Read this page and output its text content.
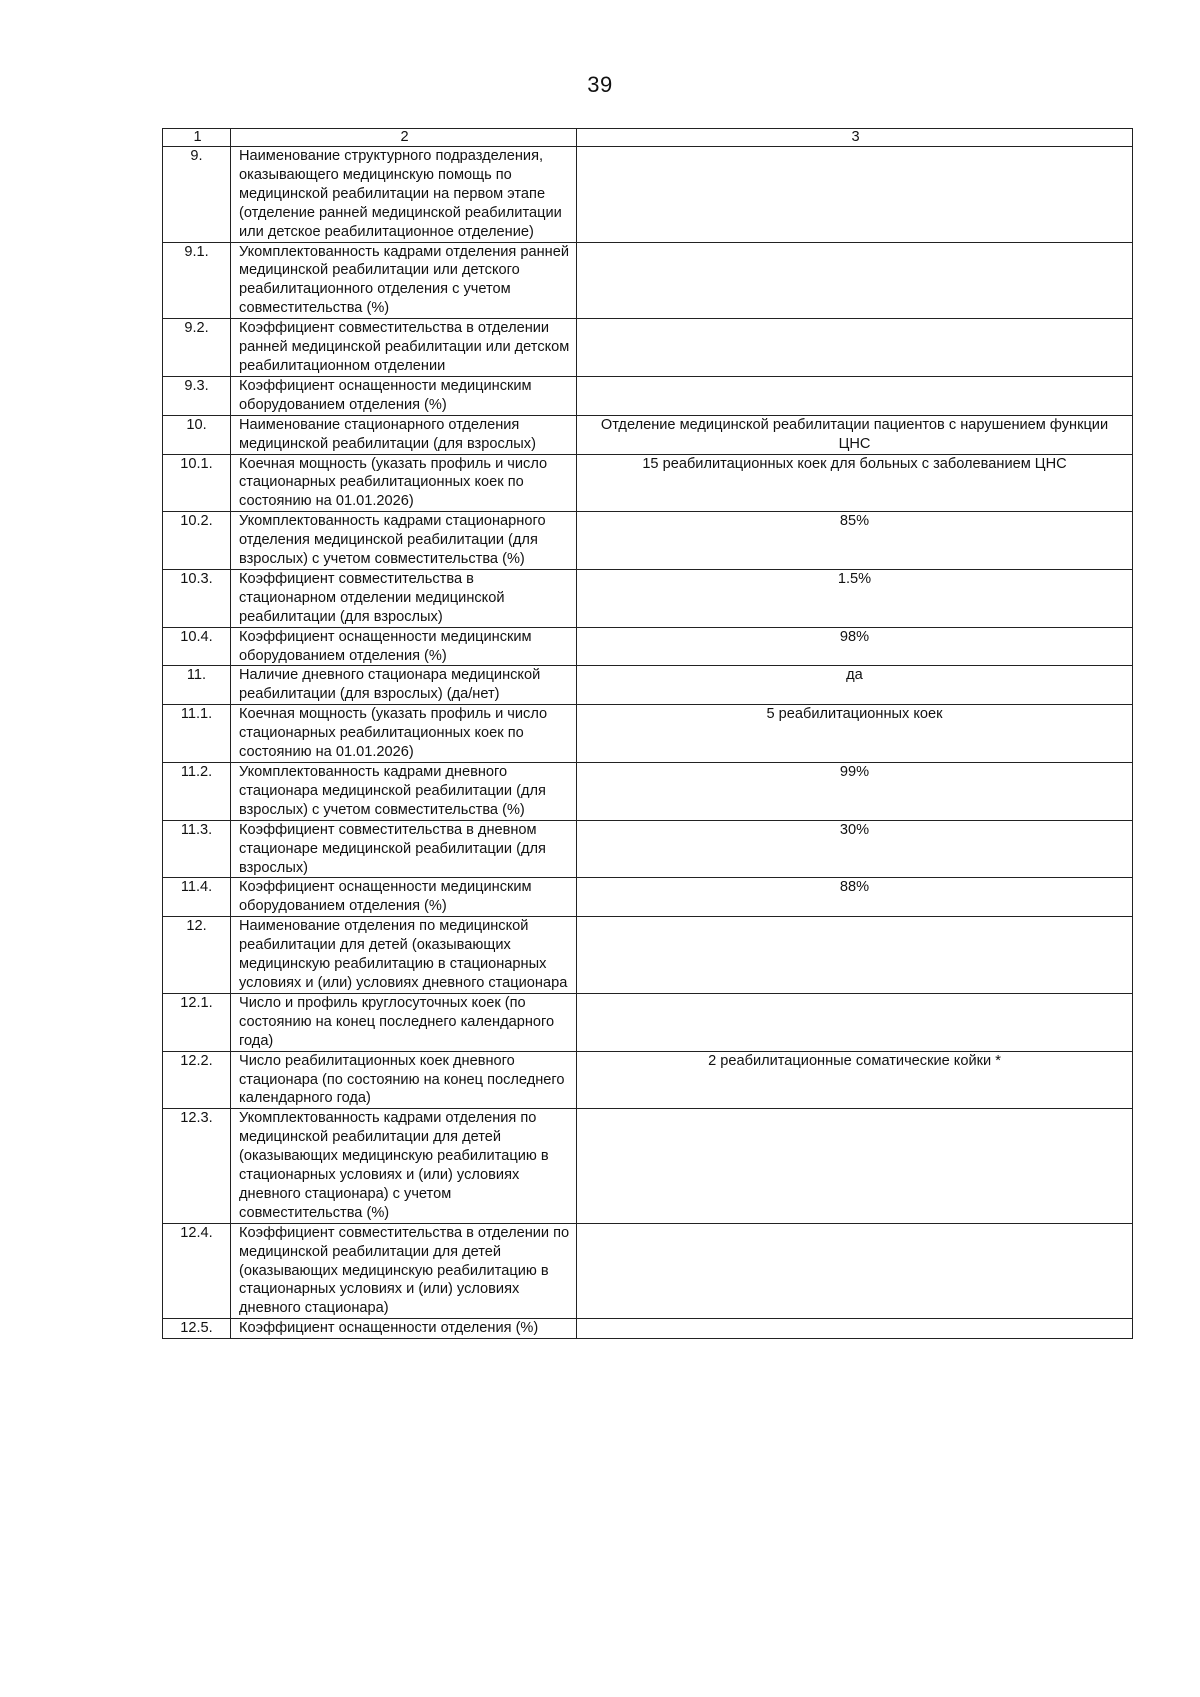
39
1	2	3
9.	Наименование структурного подразделения, оказывающего медицинскую помощь по медицинской реабилитации на первом этапе (отделение ранней медицинской реабилитации или детское реабилитационное отделение)	
9.1.	Укомплектованность кадрами отделения ранней медицинской реабилитации или детского реабилитационного отделения с учетом совместительства (%)	
9.2.	Коэффициент совместительства в отделении ранней медицинской реабилитации или детском реабилитационном отделении	
9.3.	Коэффициент оснащенности медицинским оборудованием отделения (%)	
10.	Наименование стационарного отделения медицинской реабилитации (для взрослых)	Отделение медицинской реабилитации пациентов с нарушением функции ЦНС
10.1.	Коечная мощность (указать профиль и число стационарных реабилитационных коек по состоянию на 01.01.2026)	15 реабилитационных коек для больных с заболеванием ЦНС
10.2.	Укомплектованность кадрами стационарного отделения медицинской реабилитации (для взрослых) с учетом совместительства (%)	85%
10.3.	Коэффициент совместительства в стационарном отделении медицинской реабилитации (для взрослых)	1.5%
10.4.	Коэффициент оснащенности медицинским оборудованием отделения (%)	98%
11.	Наличие дневного стационара медицинской реабилитации (для взрослых) (да/нет)	да
11.1.	Коечная мощность (указать профиль и число стационарных реабилитационных коек по состоянию на 01.01.2026)	5 реабилитационных коек
11.2.	Укомплектованность кадрами дневного стационара медицинской реабилитации (для взрослых) с учетом совместительства (%)	99%
11.3.	Коэффициент совместительства в дневном стационаре медицинской реабилитации (для взрослых)	30%
11.4.	Коэффициент оснащенности медицинским оборудованием отделения (%)	88%
12.	Наименование отделения по медицинской реабилитации для детей (оказывающих медицинскую реабилитацию в стационарных условиях и (или) условиях дневного стационара	
12.1.	Число и профиль круглосуточных коек (по состоянию на конец последнего календарного года)	
12.2.	Число реабилитационных коек дневного стационара (по состоянию на конец последнего календарного года)	2 реабилитационные соматические койки *
12.3.	Укомплектованность кадрами отделения по медицинской реабилитации для детей (оказывающих медицинскую реабилитацию в стационарных условиях и (или) условиях дневного стационара) с учетом совместительства (%)	
12.4.	Коэффициент совместительства в отделении по медицинской реабилитации для детей (оказывающих медицинскую реабилитацию в стационарных условиях и (или) условиях дневного стационара)	
12.5.	Коэффициент оснащенности отделения (%)	
